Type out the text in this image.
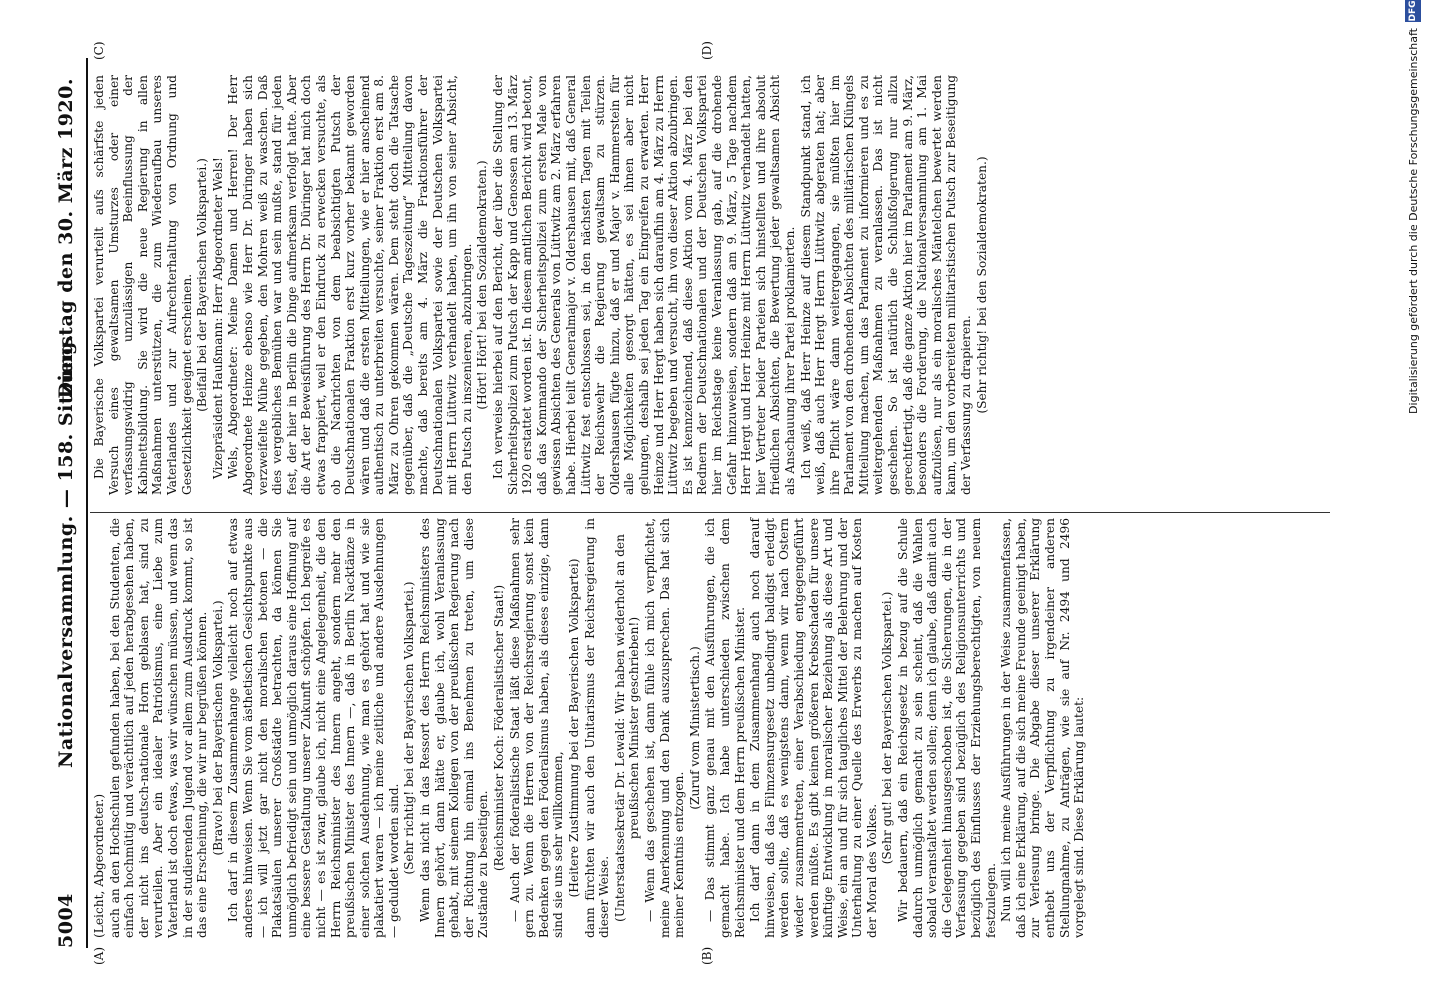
5004
Nationalversammlung. — 158. Sitzung.
Dienstag den 30. März 1920.
(A)	(B)
(C)	(D)

(Leicht, Abgeordneter.) auch an den Hochschulen gefunden haben, bei den Studenten, die einfach hochmütig und verächtlich auf jeden herabgesehen haben, der nicht ins deutsch-nationale Horn geblasen hat, sind zu verurteilen. Aber ein idealer Patriotismus, eine Liebe zum Vaterland ist doch etwas, was wir wünschen müssen, und wenn das in der studierenden Jugend vor allem zum Ausdruck kommt, so ist das eine Erscheinung, die wir nur begrüßen können. (Bravo! bei der Bayerischen Volkspartei.) Ich darf in diesem Zusammenhange vielleicht noch auf etwas anderes hinweisen. Wenn Sie vom ästhetischen Gesichtspunkte aus — ich will jetzt gar nicht den moralischen betonen — die Plakatsäulen unserer Großstädte betrachten, da können Sie unmöglich befriedigt sein und unmöglich daraus eine Hoffnung auf eine bessere Gestaltung unserer Zukunft schöpfen. Ich begreife es nicht — es ist zwar, glaube ich, nicht eine Angelegenheit, die den Herrn Reichsminister des Innern angeht, sondern mehr den preußischen Minister des Innern —, daß in Berlin Nacktänze in einer solchen Ausdehnung, wie man es gehört hat und wie sie plakatiert waren — ich meine zeitliche und andere Ausdehnungen — geduldet worden sind. (Sehr richtig! bei der Bayerischen Volkspartei.) Wenn das nicht in das Ressort des Herrn Reichsministers des Innern gehört, dann hätte er, glaube ich, wohl Veranlassung gehabt, mit seinem Kollegen von der preußischen Regierung nach der Richtung hin einmal ins Benehmen zu treten, um diese Zustände zu beseitigen. (Reichsminister Koch: Föderalistischer Staat!) — Auch der föderalistische Staat läßt diese Maßnahmen sehr gern zu. Wenn die Herren von der Reichsregierung sonst kein Bedenken gegen den Föderalismus haben, als dieses einzige, dann sind sie uns sehr willkommen, (Heitere Zustimmung bei der Bayerischen Volkspartei) dann fürchten wir auch den Unitarismus der Reichsregierung in dieser Weise. (Unterstaatssekretär Dr. Lewald: Wir haben wiederholt an den preußischen Minister geschrieben!) — Wenn das geschehen ist, dann fühle ich mich verpflichtet, meine Anerkennung und den Dank auszusprechen. Das hat sich meiner Kenntnis entzogen.

(Zuruf vom Ministertisch.) — Das stimmt ganz genau mit den Ausführungen, die ich gemacht habe. Ich habe unterschieden zwischen dem Reichsminister und dem Herrn preußischen Minister. Ich darf dann in dem Zusammenhang auch noch darauf hinweisen, daß das Filmzensurgesetz unbedingt baldigst erledigt werden sollte, daß es wenigstens dann, wenn wir nach Ostern wieder zusammentreten, einer Verabschiedung entgegengeführt werden müßte. Es gibt keinen größeren Krebsschaden für unsere künftige Entwicklung in moralischer Beziehung als diese Art und Weise, ein an und für sich taugliches Mittel der Belehrung und der Unterhaltung zu einer Quelle des Erwerbs zu machen auf Kosten der Moral des Volkes.

(Sehr gut! bei der Bayerischen Volkspartei.) Wir bedauern, daß ein Reichsgesetz in bezug auf die Schule dadurch unmöglich gemacht zu sein scheint, daß die Wahlen sobald veranstaltet werden sollen; denn ich glaube, daß damit auch die Gelegenheit hinausgeschoben ist, die Sicherungen, die in der Verfassung gegeben sind bezüglich des Religionsunterrichts und bezüglich des Einflusses der Erziehungsberechtigten, von neuem festzulegen. Nun will ich meine Ausführungen in der Weise zusammenfassen, daß ich eine Erklärung, auf die sich meine Freunde geeinigt haben, zur Verlesung bringe. Die Abgabe dieser unserer Erklärung enthebt uns der Verpflichtung zu irgendeiner anderen Stellungnahme, zu Anträgen, wie sie auf Nr. 2494 und 2496 vorgelegt sind. Diese Erklärung lautet:

Die Bayerische Volkspartei verurteilt aufs schärfste jeden Versuch eines gewaltsamen Umsturzes oder einer verfassungswidrig unzulässigen Beeinflussung der Kabinettsbildung. Sie wird die neue Regierung in allen Maßnahmen unterstützen, die zum Wiederaufbau unseres Vaterlandes und zur Aufrechterhaltung von Ordnung und Gesetzlichkeit geeignet erscheinen. (Beifall bei der Bayerischen Volkspartei.) Vizepräsident Haußmann: Herr Abgeordneter Wels! Wels, Abgeordneter: Meine Damen und Herren! Der Herr Abgeordnete Heinze ebenso wie Herr Dr. Düringer haben sich verzweifelte Mühe gegeben, den Mohren weiß zu waschen. Daß dies vergebliches Bemühen war und sein mußte, stand für jeden fest, der hier in Berlin die Dinge aufmerksam verfolgt hatte. Aber die Art der Beweisführung des Herrn Dr. Düringer hat mich doch etwas frappiert, weil er den Eindruck zu erwecken versuchte, als ob die Nachrichten von dem beabsichtigten Putsch der Deutschnationalen Fraktion erst kurz vorher bekannt geworden wären und daß die ersten Mitteilungen, wie er hier anscheinend authentisch zu unterbreiten versuchte, seiner Fraktion erst am 8. März zu Ohren gekommen wären. Dem steht doch die Tatsache gegenüber, daß die „Deutsche Tageszeitung“ Mitteilung davon machte, daß bereits am 4. März die Fraktionsführer der Deutschnationalen Volkspartei sowie der Deutschen Volkspartei mit Herrn Lüttwitz verhandelt haben, um ihn von seiner Absicht, den Putsch zu inszenieren, abzubringen. (Hört! Hört! bei den Sozialdemokraten.) Ich verweise hierbei auf den Bericht, der über die Stellung der Sicherheitspolizei zum Putsch der Kapp und Genossen am 13. März 1920 erstattet worden ist. In diesem amtlichen Bericht wird betont, daß das Kommando der Sicherheitspolizei zum ersten Male von gewissen Absichten des Generals von Lüttwitz am 2. März erfahren habe. Hierbei teilt Generalmajor v. Oldershausen mit, daß General Lüttwitz fest entschlossen sei, in den nächsten Tagen mit Teilen der Reichswehr die Regierung gewaltsam zu stürzen. Oldershausen fügte hinzu, daß er und Major v. Hammerstein für alle Möglichkeiten gesorgt hätten, es sei ihnen aber nicht gelungen, deshalb sei jeden Tag ein Eingreifen zu erwarten. Herr Heinze und Herr Hergt haben sich daraufhin am 4. März zu Herrn Lüttwitz begeben und versucht, ihn von dieser Aktion abzubringen. Es ist kennzeichnend, daß diese Aktion vom 4. März bei den Rednern der Deutschnationalen und der Deutschen Volkspartei hier im Reichstage keine Veranlassung gab, auf die drohende Gefahr hinzuweisen, sondern daß am 9. März, 5 Tage nachdem Herr Hergt und Herr Heinze mit Herrn Lüttwitz verhandelt hatten, hier Vertreter beider Parteien sich hinstellten und ihre absolut friedlichen Absichten, die Bewertung jeder gewaltsamen Absicht als Anschauung ihrer Partei proklamierten. Ich weiß, daß Herr Heinze auf diesem Standpunkt stand, ich weiß, daß auch Herr Hergt Herrn Lüttwitz abgeraten hat; aber ihre Pflicht wäre dann weitergegangen, sie müßten hier im Parlament von den drohenden Absichten des militärischen Klüngels Mitteilung machen, um das Parlament zu informieren und es zu weitergehenden Maßnahmen zu veranlassen. Das ist nicht geschehen. So ist natürlich die Schlußfolgerung nur allzu gerechtfertigt, daß die ganze Aktion hier im Parlament am 9. März, besonders die Forderung, die Nationalversammlung am 1. Mai aufzulösen, nur als ein moralisches Mäntelchen bewertet werden kann, um den vorbereiteten militaristischen Putsch zur Beseitigung der Verfassung zu drapieren. (Sehr richtig! bei den Sozialdemokraten.)	Digitalisierung gefördert durch die Deutsche Forschungsgemeinschaft
DFG
